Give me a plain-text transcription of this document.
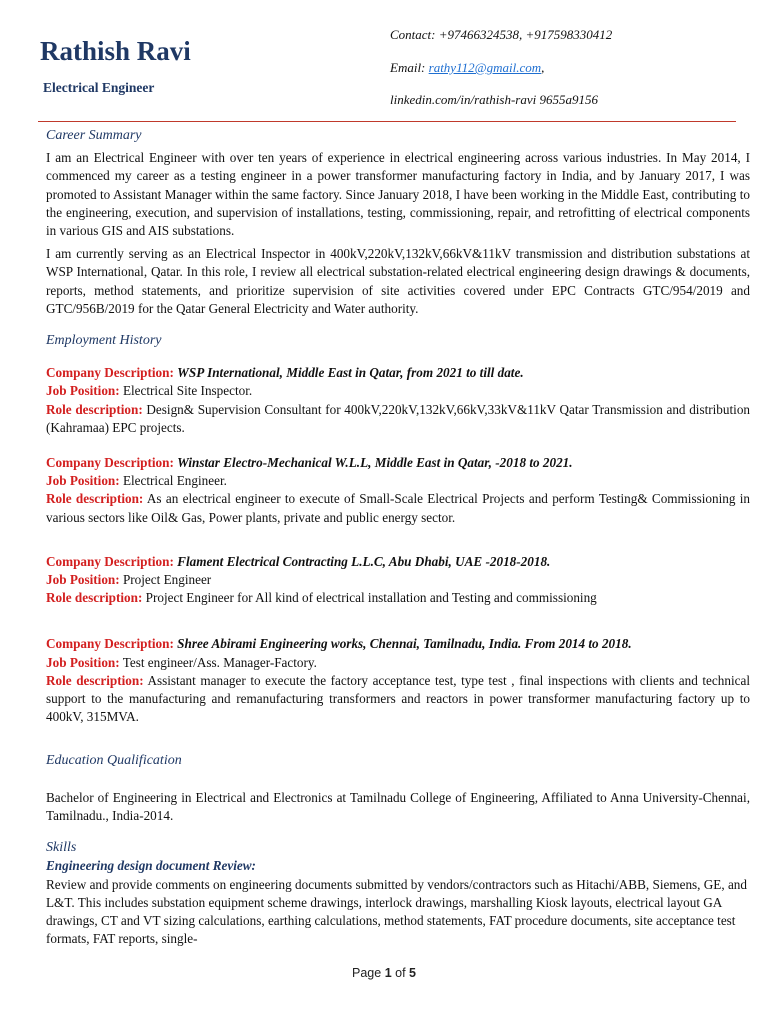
Rathish Ravi
Electrical Engineer
Contact: +97466324538, +917598330412
Email: rathy112@gmail.com,
linkedin.com/in/rathish-ravi 9655a9156

Career Summary

I am an Electrical Engineer with over ten years of experience in electrical engineering across various industries. In May 2014, I commenced my career as a testing engineer in a power transformer manufacturing factory in India, and by January 2017, I was promoted to Assistant Manager within the same factory. Since January 2018, I have been working in the Middle East, contributing to the engineering, execution, and supervision of installations, testing, commissioning, repair, and retrofitting of electrical components in various GIS and AIS substations.

I am currently serving as an Electrical Inspector in 400kV,220kV,132kV,66kV&11kV transmission and distribution substations at WSP International, Qatar. In this role, I review all electrical substation-related electrical engineering design drawings & documents, reports, method statements, and prioritize supervision of site activities covered under EPC Contracts GTC/954/2019 and GTC/956B/2019 for the Qatar General Electricity and Water authority.

Employment History

Company Description: WSP International, Middle East in Qatar, from 2021 to till date.

Job Position: Electrical Site Inspector.

Role description: Design& Supervision Consultant for 400kV,220kV,132kV,66kV,33kV&11kV Qatar Transmission and distribution (Kahramaa) EPC projects.

Company Description: Winstar Electro-Mechanical W.L.L, Middle East in Qatar, -2018 to 2021.

Job Position: Electrical Engineer.

Role description: As an electrical engineer to execute of Small-Scale Electrical Projects and perform Testing& Commissioning in various sectors like Oil& Gas, Power plants, private and public energy sector.

Company Description: Flament Electrical Contracting L.L.C, Abu Dhabi, UAE -2018-2018.

Job Position: Project Engineer

Role description: Project Engineer for All kind of electrical installation and Testing and commissioning

Company Description: Shree Abirami Engineering works, Chennai, Tamilnadu, India. From 2014 to 2018.

Job Position: Test engineer/Ass. Manager-Factory.

Role description: Assistant manager to execute the factory acceptance test, type test , final inspections with clients and technical support to the manufacturing and remanufacturing transformers and reactors in power transformer manufacturing factory up to 400kV, 315MVA.

Education Qualification

Bachelor of Engineering in Electrical and Electronics at Tamilnadu College of Engineering, Affiliated to Anna University-Chennai, Tamilnadu., India-2014.

Skills

Engineering design document Review:

Review and provide comments on engineering documents submitted by vendors/contractors such as Hitachi/ABB, Siemens, GE, and L&T. This includes substation equipment scheme drawings, interlock drawings, marshalling Kiosk layouts, electrical layout GA drawings, CT and VT sizing calculations, earthing calculations, method statements, FAT procedure documents, site acceptance test formats, FAT reports, single-

Page 1 of 5
